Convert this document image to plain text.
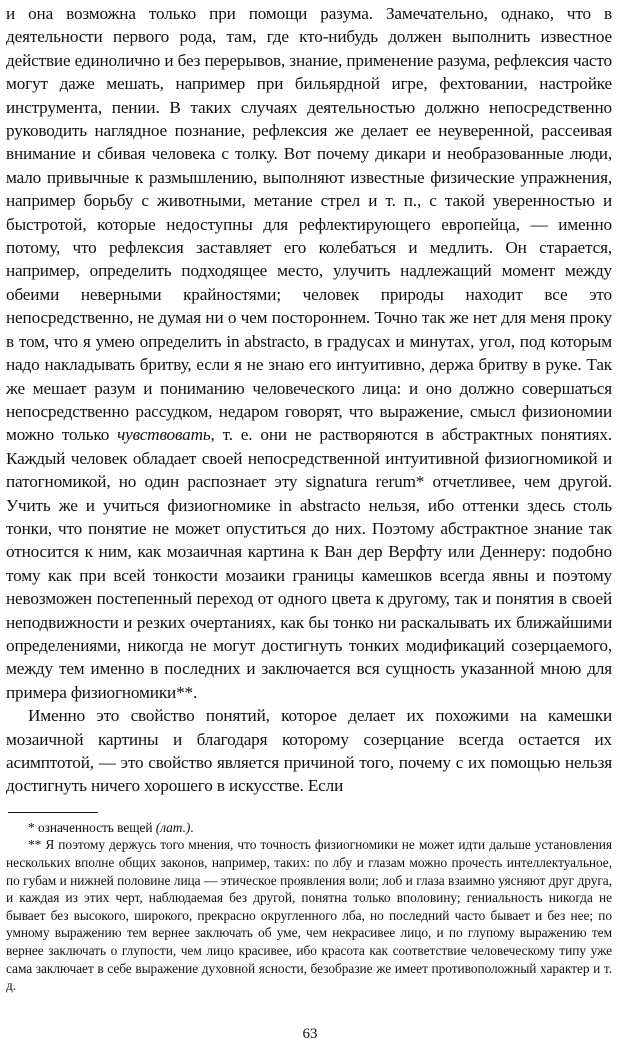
и она возможна только при помощи разума. Замечательно, однако, что в деятельности первого рода, там, где кто-нибудь должен выполнить известное действие единолично и без перерывов, знание, применение разума, рефлексия часто могут даже мешать, например при бильярдной игре, фехтовании, настройке инструмента, пении. В таких случаях деятельностью должно непосредственно руководить наглядное познание, рефлексия же делает ее неуверенной, рассеивая внимание и сбивая человека с толку. Вот почему дикари и необразованные люди, мало привычные к размышлению, выполняют известные физические упражнения, например борьбу с животными, метание стрел и т. п., с такой уверенностью и быстротой, которые недоступны для рефлектирующего европейца, — именно потому, что рефлексия заставляет его колебаться и медлить. Он старается, например, определить подходящее место, улучить надлежащий момент между обеими неверными крайностями; человек природы находит все это непосредственно, не думая ни о чем постороннем. Точно так же нет для меня проку в том, что я умею определить in abstracto, в градусах и минутах, угол, под которым надо накладывать бритву, если я не знаю его интуитивно, держа бритву в руке. Так же мешает разум и пониманию человеческого лица: и оно должно совершаться непосредственно рассудком, недаром говорят, что выражение, смысл физиономии можно только чувствовать, т. е. они не растворяются в абстрактных понятиях. Каждый человек обладает своей непосредственной интуитивной физиогномикой и патогномикой, но один распознает эту signatura rerum* отчетливее, чем другой. Учить же и учиться физиогномике in abstracto нельзя, ибо оттенки здесь столь тонки, что понятие не может опуститься до них. Поэтому абстрактное знание так относится к ним, как мозаичная картина к Ван дер Верфту или Деннеру: подобно тому как при всей тонкости мозаики границы камешков всегда явны и поэтому невозможен постепенный переход от одного цвета к другому, так и понятия в своей неподвижности и резких очертаниях, как бы тонко ни раскалывать их ближайшими определениями, никогда не могут достигнуть тонких модификаций созерцаемого, между тем именно в последних и заключается вся сущность указанной мною для примера физиогномики**.

Именно это свойство понятий, которое делает их похожими на камешки мозаичной картины и благодаря которому созерцание всегда остается их асимптотой, — это свойство является причиной того, почему с их помощью нельзя достигнуть ничего хорошего в искусстве. Если

* означенность вещей (лат.).

** Я поэтому держусь того мнения, что точность физиогномики не может идти дальше установления нескольких вполне общих законов, например, таких: по лбу и глазам можно прочесть интеллектуальное, по губам и нижней половине лица — этическое проявления воли; лоб и глаза взаимно уясняют друг друга, и каждая из этих черт, наблюдаемая без другой, понятна только вполовину; гениальность никогда не бывает без высокого, широкого, прекрасно округленного лба, но последний часто бывает и без нее; по умному выражению тем вернее заключать об уме, чем некрасивее лицо, и по глупому выражению тем вернее заключать о глупости, чем лицо красивее, ибо красота как соответствие человеческому типу уже сама заключает в себе выражение духовной ясности, безобразие же имеет противоположный характер и т. д.

63
